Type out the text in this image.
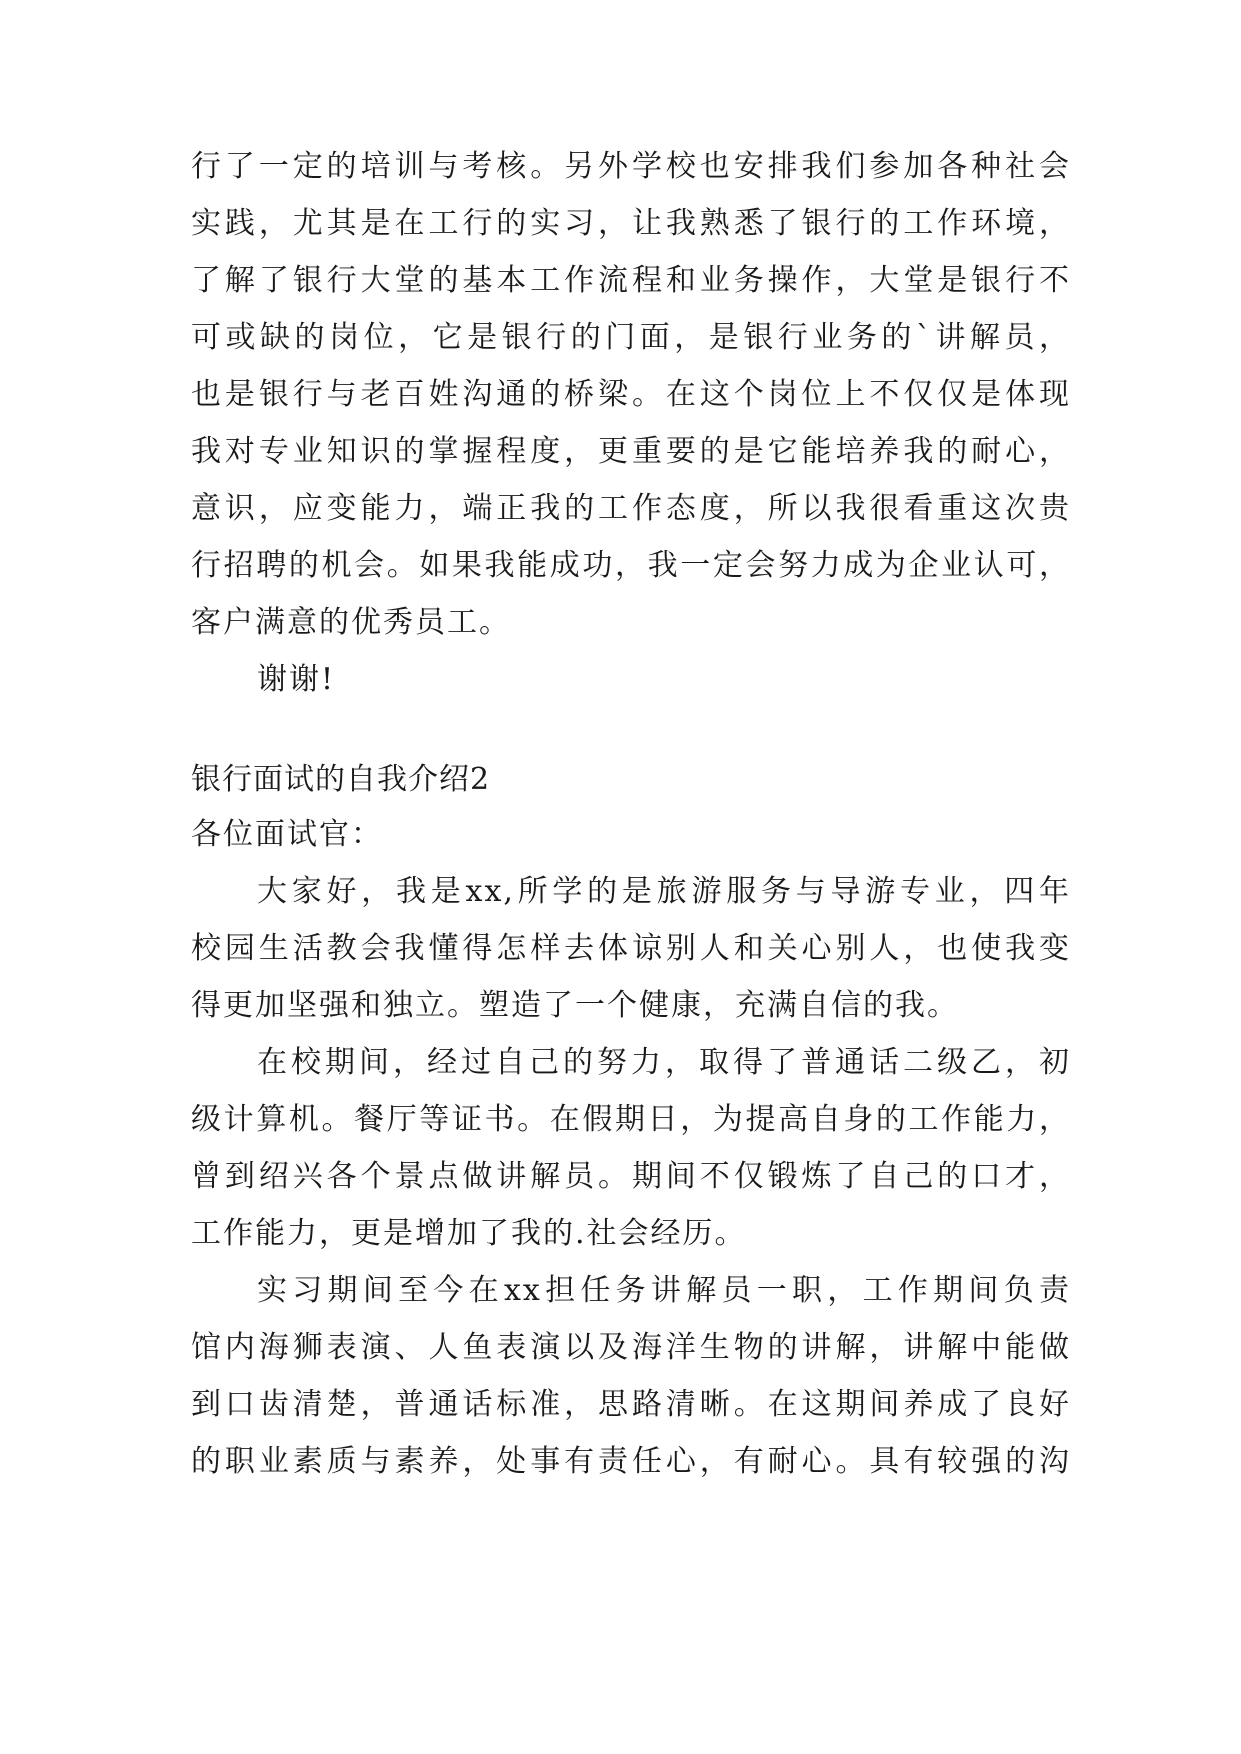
行了一定的培训与考核。另外学校也安排我们参加各种社会
实践，尤其是在工行的实习，让我熟悉了银行的工作环境，
了解了银行大堂的基本工作流程和业务操作，大堂是银行不
可或缺的岗位，它是银行的门面，是银行业务的`讲解员，
也是银行与老百姓沟通的桥梁。在这个岗位上不仅仅是体现
我对专业知识的掌握程度，更重要的是它能培养我的耐心，
意识，应变能力，端正我的工作态度，所以我很看重这次贵
行招聘的机会。如果我能成功，我一定会努力成为企业认可，
客户满意的优秀员工。
谢谢!
银行面试的自我介绍2
各位面试官：
大家好，我是xx,所学的是旅游服务与导游专业，四年
校园生活教会我懂得怎样去体谅别人和关心别人，也使我变
得更加坚强和独立。塑造了一个健康，充满自信的我。
在校期间，经过自己的努力，取得了普通话二级乙，初
级计算机。餐厅等证书。在假期日，为提高自身的工作能力，
曾到绍兴各个景点做讲解员。期间不仅锻炼了自己的口才，
工作能力，更是增加了我的.社会经历。
实习期间至今在xx担任务讲解员一职，工作期间负责
馆内海狮表演、人鱼表演以及海洋生物的讲解，讲解中能做
到口齿清楚，普通话标准，思路清晰。在这期间养成了良好
的职业素质与素养，处事有责任心，有耐心。具有较强的沟
